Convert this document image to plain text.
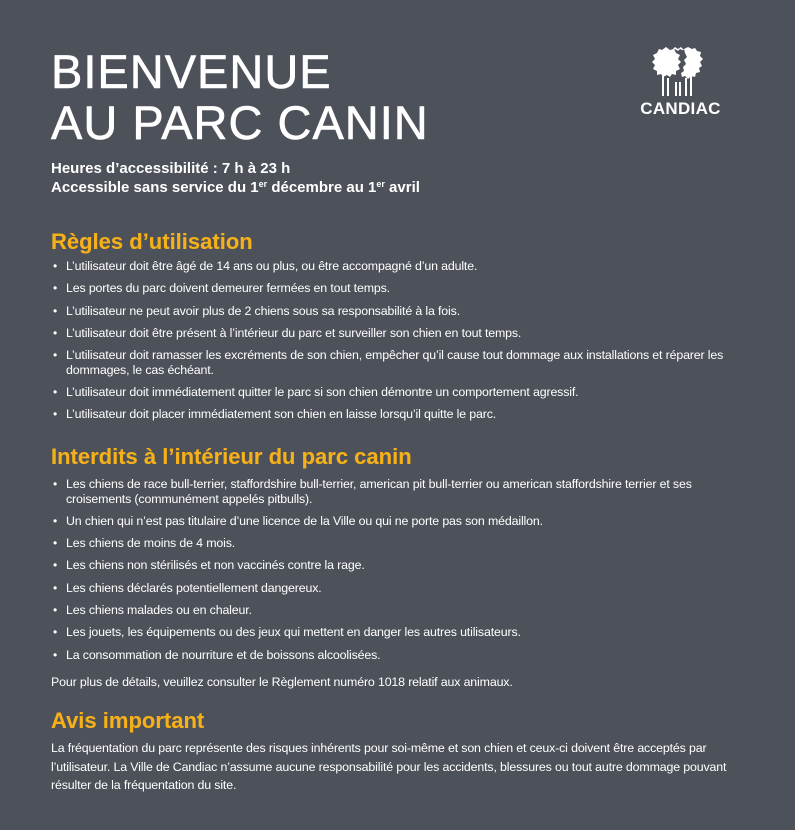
BIENVENUE
AU PARC CANIN	CANDIAC
Heures d’accessibilité : 7 h à 23 h
Accessible sans service du 1er décembre au 1er avril
Règles d’utilisation
• L’utilisateur doit être âgé de 14 ans ou plus, ou être accompagné d’un adulte.
• Les portes du parc doivent demeurer fermées en tout temps.
• L’utilisateur ne peut avoir plus de 2 chiens sous sa responsabilité à la fois.
• L’utilisateur doit être présent à l’intérieur du parc et surveiller son chien en tout temps.
• L’utilisateur doit ramasser les excréments de son chien, empêcher qu’il cause tout dommage aux installations et réparer les dommages, le cas échéant.
• L’utilisateur doit immédiatement quitter le parc si son chien démontre un comportement agressif.
• L’utilisateur doit placer immédiatement son chien en laisse lorsqu’il quitte le parc.
Interdits à l’intérieur du parc canin
• Les chiens de race bull-terrier, staffordshire bull-terrier, american pit bull-terrier ou american staffordshire terrier et ses croisements (communément appelés pitbulls).
• Un chien qui n’est pas titulaire d’une licence de la Ville ou qui ne porte pas son médaillon.
• Les chiens de moins de 4 mois.
• Les chiens non stérilisés et non vaccinés contre la rage.
• Les chiens déclarés potentiellement dangereux.
• Les chiens malades ou en chaleur.
• Les jouets, les équipements ou des jeux qui mettent en danger les autres utilisateurs.
• La consommation de nourriture et de boissons alcoolisées.
Pour plus de détails, veuillez consulter le Règlement numéro 1018 relatif aux animaux.
Avis important
La fréquentation du parc représente des risques inhérents pour soi-même et son chien et ceux-ci doivent être acceptés par l’utilisateur. La Ville de Candiac n’assume aucune responsabilité pour les accidents, blessures ou tout autre dommage pouvant résulter de la fréquentation du site.
